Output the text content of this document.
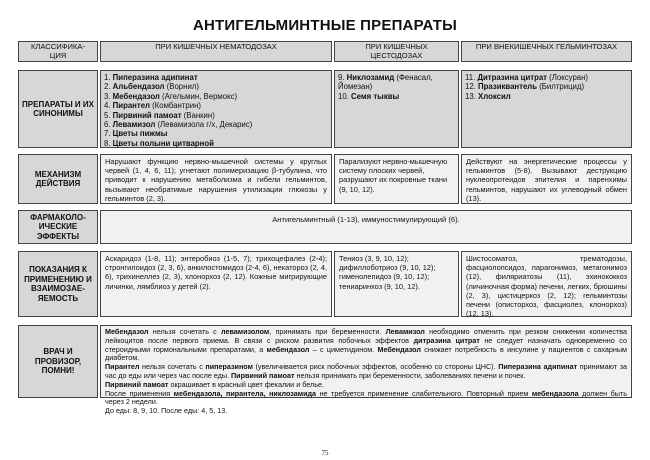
АНТИГЕЛЬМИНТНЫЕ ПРЕПАРАТЫ
КЛАССИФИКА-
ЦИЯ
ПРИ КИШЕЧНЫХ НЕМАТОДОЗАХ	ПРИ КИШЕЧНЫХ
ЦЕСТОДОЗАХ
ПРИ ВНЕКИШЕЧНЫХ ГЕЛЬМИНТОЗАХ
ПРЕПАРАТЫ И ИХ СИНОНИМЫ
1. Пиперазина адипинат
2. Альбендазол (Ворнил)
3. Мебендазол (Агельмин, Вермокс)
4. Пирантел (Комбантрин)
5. Пирвиний памоат (Ванкин)
6. Левамизол (Левамизола г/х, Декарис)
7. Цветы пижмы
8. Цветы полыни цитварной
9. Никлозамид (Фенасал, Йомезан)
10. Семя тыквы
11. Дитразина цитрат (Локсуран)
12. Празиквантель (Билтрицид)
13. Хлоксил
МЕХАНИЗМ ДЕЙСТВИЯ
Нарушают функцию нервно-мышечной системы у круглых червей (1, 4, 6, 11); угнетают полимеризацию β-тубулина, что приводит к нарушению метаболизма и гибели гельминтов, вызывают необратимые нарушения утилизации глюкозы у гельминтов (2, 3).
Парализуют нервно-мышечную систему плоских червей, разрушают их покровные ткани (9, 10, 12).
Действуют на энергетические процессы у гельминтов (5-8). Вызывают деструкцию нуклеопротеидов эпителия и паренхимы гельминтов, нарушают их углеводный обмен (13).
ФАРМАКОЛО-ИЧЕСКИЕ ЭФФЕКТЫ
Антигельминтный (1-13), иммуностимулирующий (6).
ПОКАЗАНИЯ К ПРИМЕНЕНИЮ И ВЗАИМОЗАЕ-ЯЕМОСТЬ
Аскаридоз (1-8, 11); энтеробиоз (1-5, 7); трихоцефалез (2-4); стронгилоидоз (2, 3, 6), анкилостомидоз (2-4, 6), некатороз (2, 4, 6), трихинеллез (2, 3), хлонорхоз (2, 12). Кожные мигрирующие личинки, лямблиоз у детей (2).
Тениоз (3, 9, 10, 12); дифиллоботриоз (9, 10, 12); гименолепидоз (9, 10, 12); тениаринхоз (9, 10, 12).
Шистосоматоз, трематодозы, фасциолопсидоз, парагонимоз, метагонимоз (12), филяриатозы (11), эхинококкоз (личиночная форма) печени, легких, брюшины (2, 3), цистицеркоз (2, 12); гельминтозы печени (описторхоз, фасциолез, клонорхоз) (12, 13).
ВРАЧ И ПРОВИЗОР, ПОМНИ!
Мебендазол нельзя сочетать с левамизолом, принимать при беременности. Левамизол необходимо отменить при резком снижении количества лейкоцитов после первого приема. В связи с риском развития побочных эффектов дитразина цитрат не следует назначать одновременно со стероидными гормональными препаратами, а мебендазол – с циметидином. Мебендазол снижает потребность в инсулине у пациентов с сахарным диабетом.
Пирантел нельзя сочетать с пиперазином (увеличивается риск побочных эффектов, особенно со стороны ЦНС). Пиперазина адипинат принимают за час до еды или через час после еды. Пирвиний памоат нельзя принимать при беременности, заболеваниях печени и почек.
Пирвиний памоат окрашивает в красный цвет фекалии и белье.
После применения мебендазола, пирантела, никлозамида не требуется применение слабительного. Повторный прием мебендазола должен быть через 2 недели.
До еды: 8, 9, 10. После еды: 4, 5, 13.
75
